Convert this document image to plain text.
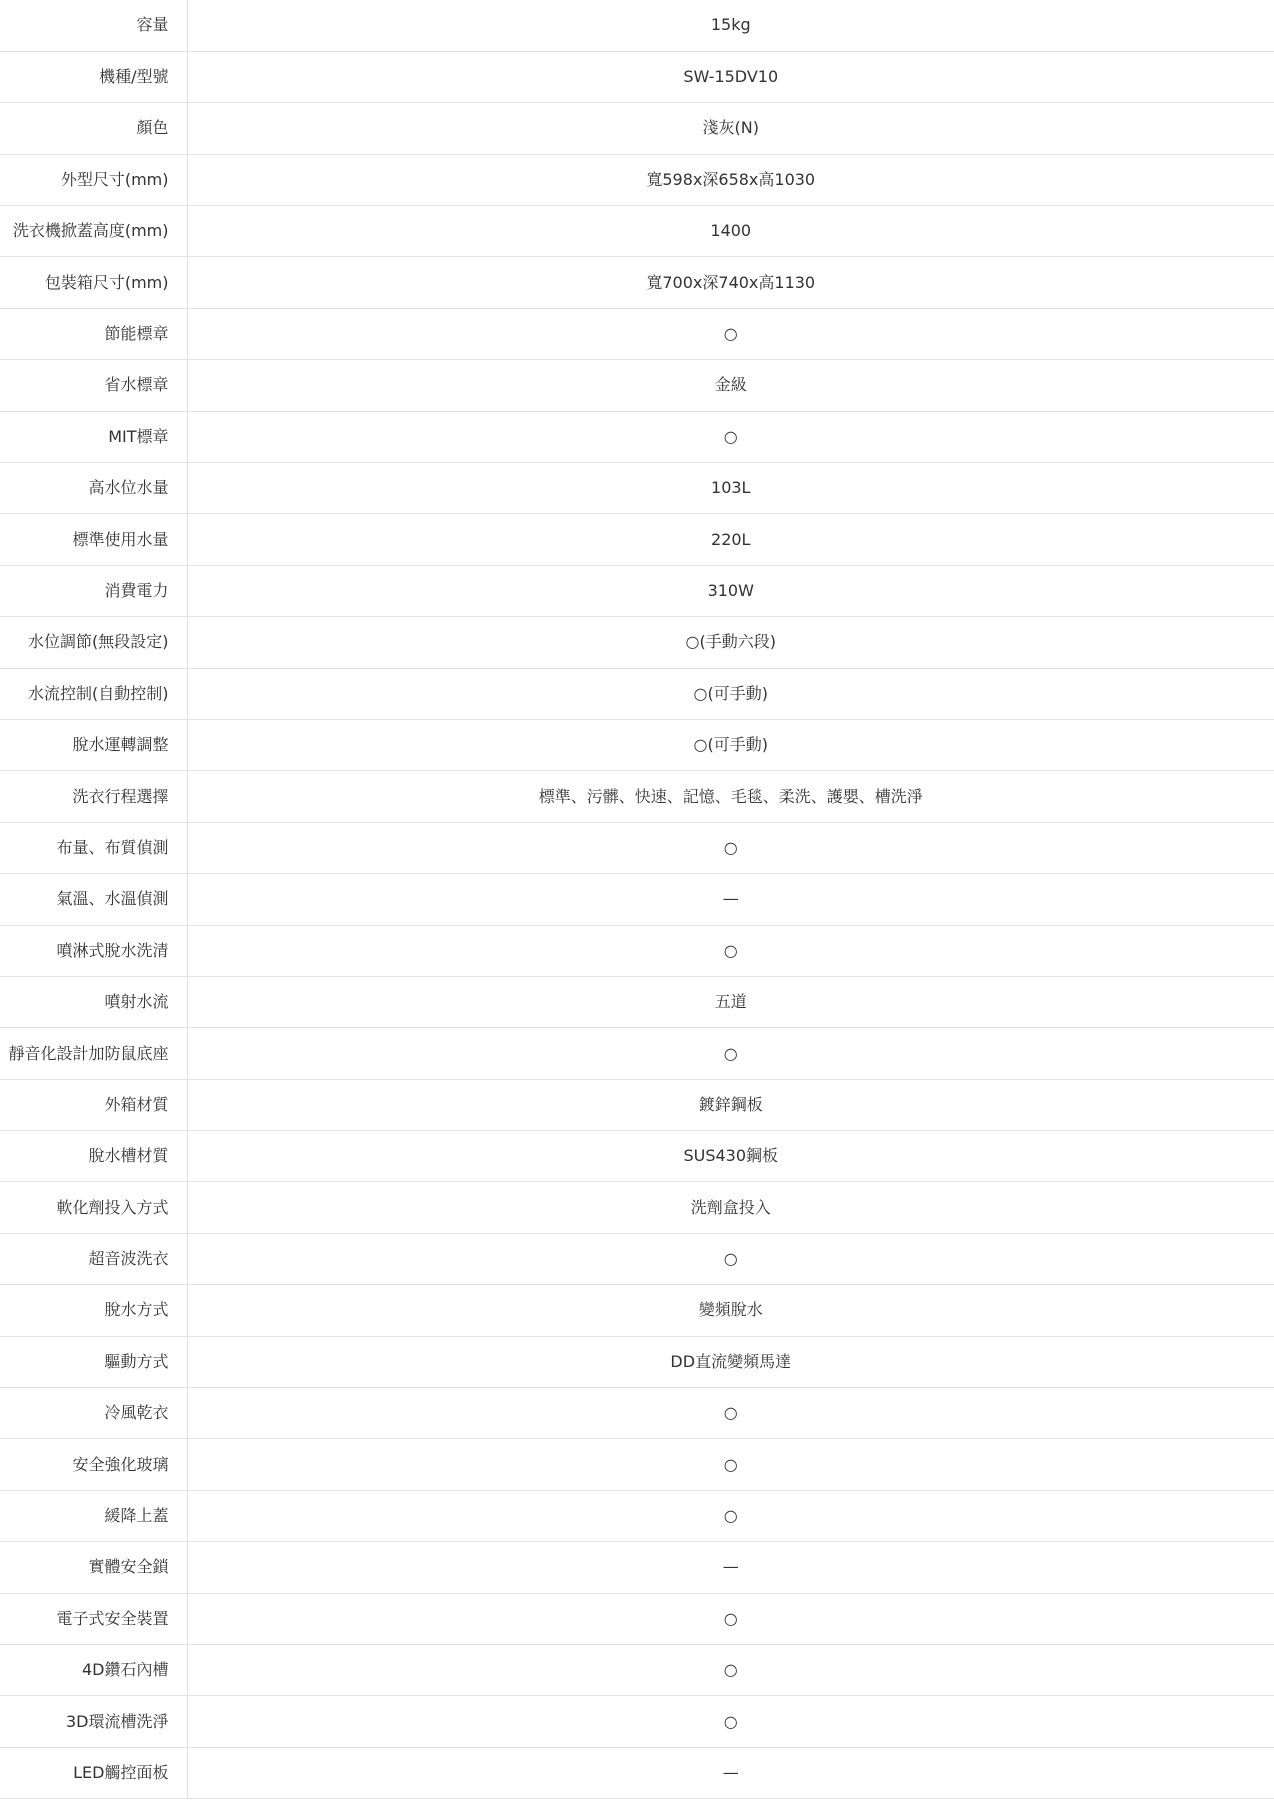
容量	15kg
機種/型號	SW-15DV10
顏色	淺灰(N)
外型尺寸(mm)	寬598x深658x高1030
洗衣機掀蓋高度(mm)	1400
包裝箱尺寸(mm)	寬700x深740x高1130
節能標章	○
省水標章	金級
MIT標章	○
高水位水量	103L
標準使用水量	220L
消費電力	310W
水位調節(無段設定)	○(手動六段)
水流控制(自動控制)	○(可手動)
脫水運轉調整	○(可手動)
洗衣行程選擇	標準、污髒、快速、記憶、毛毯、柔洗、護嬰、槽洗淨
布量、布質偵測	○
氣溫、水溫偵測	—
噴淋式脫水洗清	○
噴射水流	五道
靜音化設計加防鼠底座	○
外箱材質	鍍鋅鋼板
脫水槽材質	SUS430鋼板
軟化劑投入方式	洗劑盒投入
超音波洗衣	○
脫水方式	變頻脫水
驅動方式	DD直流變頻馬達
冷風乾衣	○
安全強化玻璃	○
緩降上蓋	○
實體安全鎖	—
電子式安全裝置	○
4D鑽石內槽	○
3D環流槽洗淨	○
LED觸控面板	—
